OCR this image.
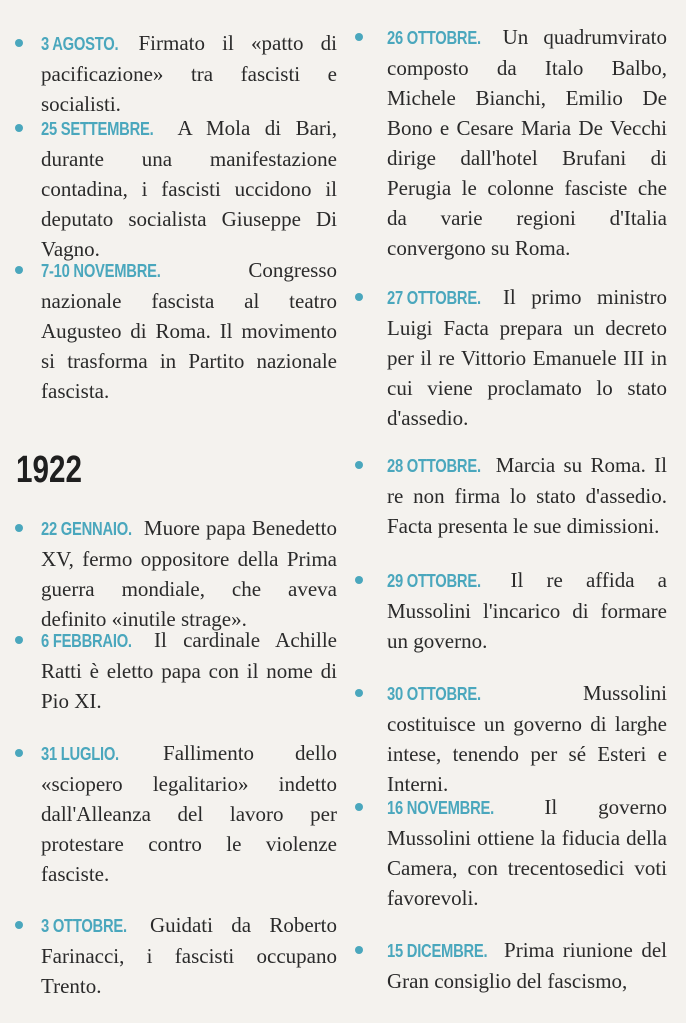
3 AGOSTO. Firmato il «patto di pacificazione» tra fascisti e socialisti.
25 SETTEMBRE. A Mola di Bari, durante una manifestazione contadina, i fascisti uccidono il deputato socialista Giuseppe Di Vagno.
7-10 NOVEMBRE.	Congresso nazionale fascista al teatro Augusteo di Roma. Il movimento si trasforma in Partito nazionale fascista.
1922
22 GENNAIO. Muore papa Benedetto XV, fermo oppositore della Prima guerra mondiale, che aveva definito «inutile strage».
6 FEBBRAIO. Il cardinale Achille Ratti è eletto papa con il nome di Pio XI.
31 LUGLIO. Fallimento dello «sciopero legalitario» indetto dall'Alleanza del lavoro per protestare contro le violenze fasciste.
3 OTTOBRE. Guidati da Roberto Farinacci, i fascisti occupano Trento.
26 OTTOBRE. Un quadrumvirato composto da Italo Balbo, Michele Bianchi, Emilio De Bono e Cesare Maria De Vecchi dirige dall'hotel Brufani di Perugia le colonne fasciste che da varie regioni d'Italia convergono su Roma.
27 OTTOBRE. Il primo ministro Luigi Facta prepara un decreto per il re Vittorio Emanuele III in cui viene proclamato lo stato d'assedio.
28 OTTOBRE. Marcia su Roma. Il re non firma lo stato d'assedio. Facta presenta le sue dimissioni.
29 OTTOBRE. Il re affida a Mussolini l'incarico di formare un governo.
30 OTTOBRE.	Mussolini costituisce un governo di larghe intese, tenendo per sé Esteri e Interni.
16 NOVEMBRE. Il governo Mussolini ottiene la fiducia della Camera, con trecentosedici voti favorevoli.
15 DICEMBRE. Prima riunione del Gran consiglio del fascismo,
